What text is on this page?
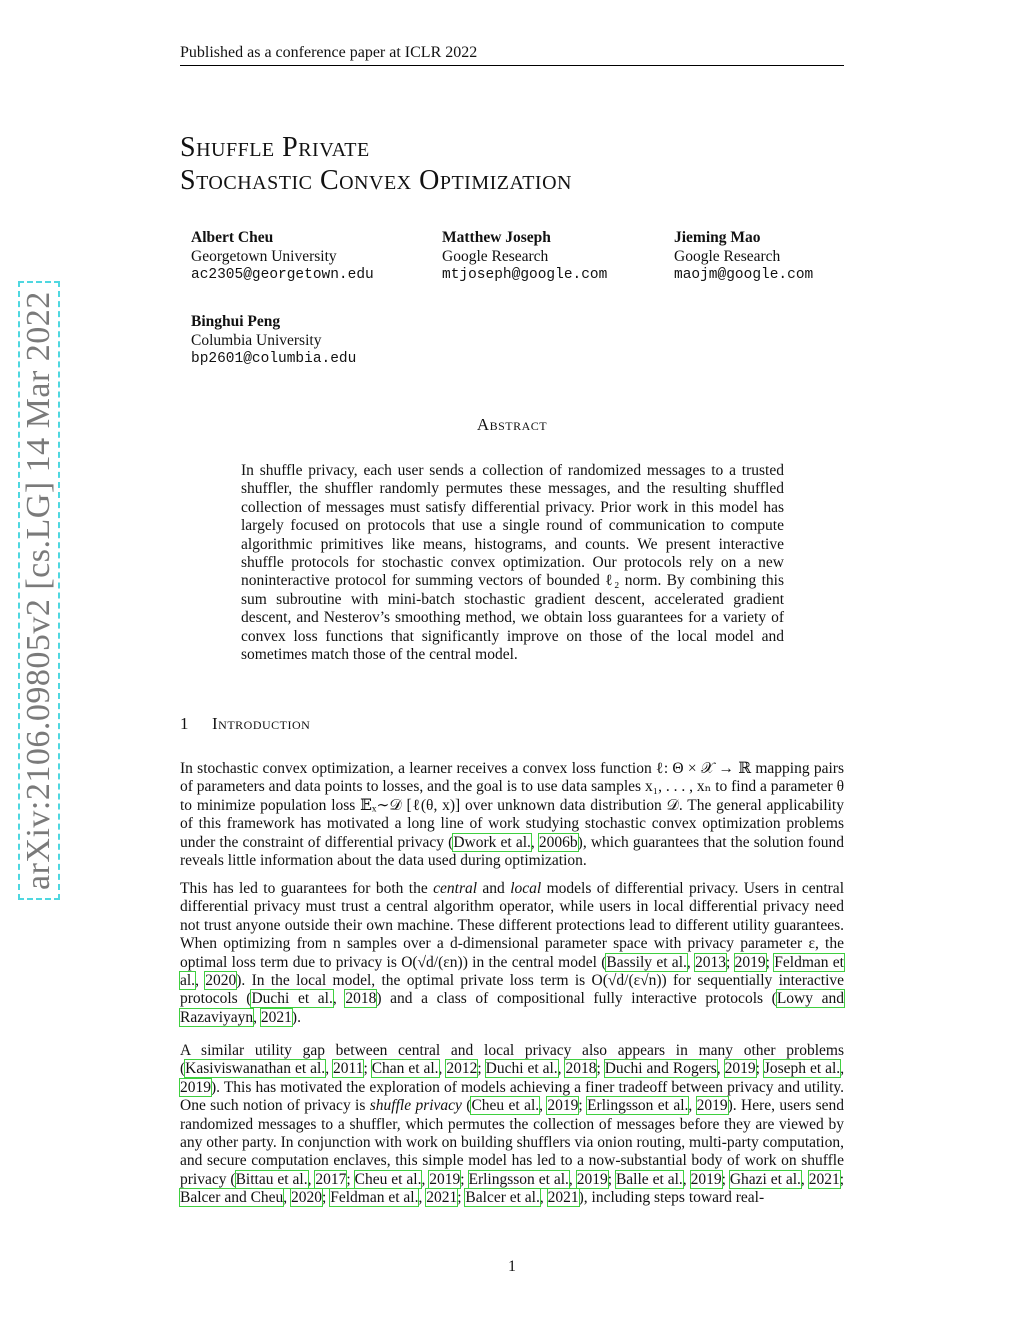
Published as a conference paper at ICLR 2022
Shuffle Private
Stochastic Convex Optimization
Albert Cheu
Georgetown University
ac2305@georgetown.edu
Matthew Joseph
Google Research
mtjoseph@google.com
Jieming Mao
Google Research
maojm@google.com
Binghui Peng
Columbia University
bp2601@columbia.edu
arXiv:2106.09805v2 [cs.LG] 14 Mar 2022	Abstract
In shuffle privacy, each user sends a collection of randomized messages to a trusted shuffler, the shuffler randomly permutes these messages, and the resulting shuffled collection of messages must satisfy differential privacy. Prior work in this model has largely focused on protocols that use a single round of communication to compute algorithmic primitives like means, histograms, and counts. We present interactive shuffle protocols for stochastic convex optimization. Our protocols rely on a new noninteractive protocol for summing vectors of bounded ℓ₂ norm. By combining this sum subroutine with mini-batch stochastic gradient descent, accelerated gradient descent, and Nesterov’s smoothing method, we obtain loss guarantees for a variety of convex loss functions that significantly improve on those of the local model and sometimes match those of the central model.
1 Introduction
In stochastic convex optimization, a learner receives a convex loss function ℓ: Θ × 𝒳 → ℝ mapping pairs of parameters and data points to losses, and the goal is to use data samples x₁, . . . , xₙ to find a parameter θ to minimize population loss 𝔼ₓ∼𝒟 [ℓ(θ, x)] over unknown data distribution 𝒟. The general applicability of this framework has motivated a long line of work studying stochastic convex optimization problems under the constraint of differential privacy (Dwork et al., 2006b), which guarantees that the solution found reveals little information about the data used during optimization.
This has led to guarantees for both the central and local models of differential privacy. Users in central differential privacy must trust a central algorithm operator, while users in local differential privacy need not trust anyone outside their own machine. These different protections lead to different utility guarantees. When optimizing from n samples over a d-dimensional parameter space with privacy parameter ε, the optimal loss term due to privacy is O(√d/(εn)) in the central model (Bassily et al., 2013; 2019; Feldman et al., 2020). In the local model, the optimal private loss term is O(√d/(ε√n)) for sequentially interactive protocols (Duchi et al., 2018) and a class of compositional fully interactive protocols (Lowy and Razaviyayn, 2021).
A similar utility gap between central and local privacy also appears in many other problems (Kasiviswanathan et al., 2011; Chan et al., 2012; Duchi et al., 2018; Duchi and Rogers, 2019; Joseph et al., 2019). This has motivated the exploration of models achieving a finer tradeoff between privacy and utility. One such notion of privacy is shuffle privacy (Cheu et al., 2019; Erlingsson et al., 2019). Here, users send randomized messages to a shuffler, which permutes the collection of messages before they are viewed by any other party. In conjunction with work on building shufflers via onion routing, multi-party computation, and secure computation enclaves, this simple model has led to a now-substantial body of work on shuffle privacy (Bittau et al., 2017; Cheu et al., 2019; Erlingsson et al., 2019; Balle et al., 2019; Ghazi et al., 2021; Balcer and Cheu, 2020; Feldman et al., 2021; Balcer et al., 2021), including steps toward real-
1
